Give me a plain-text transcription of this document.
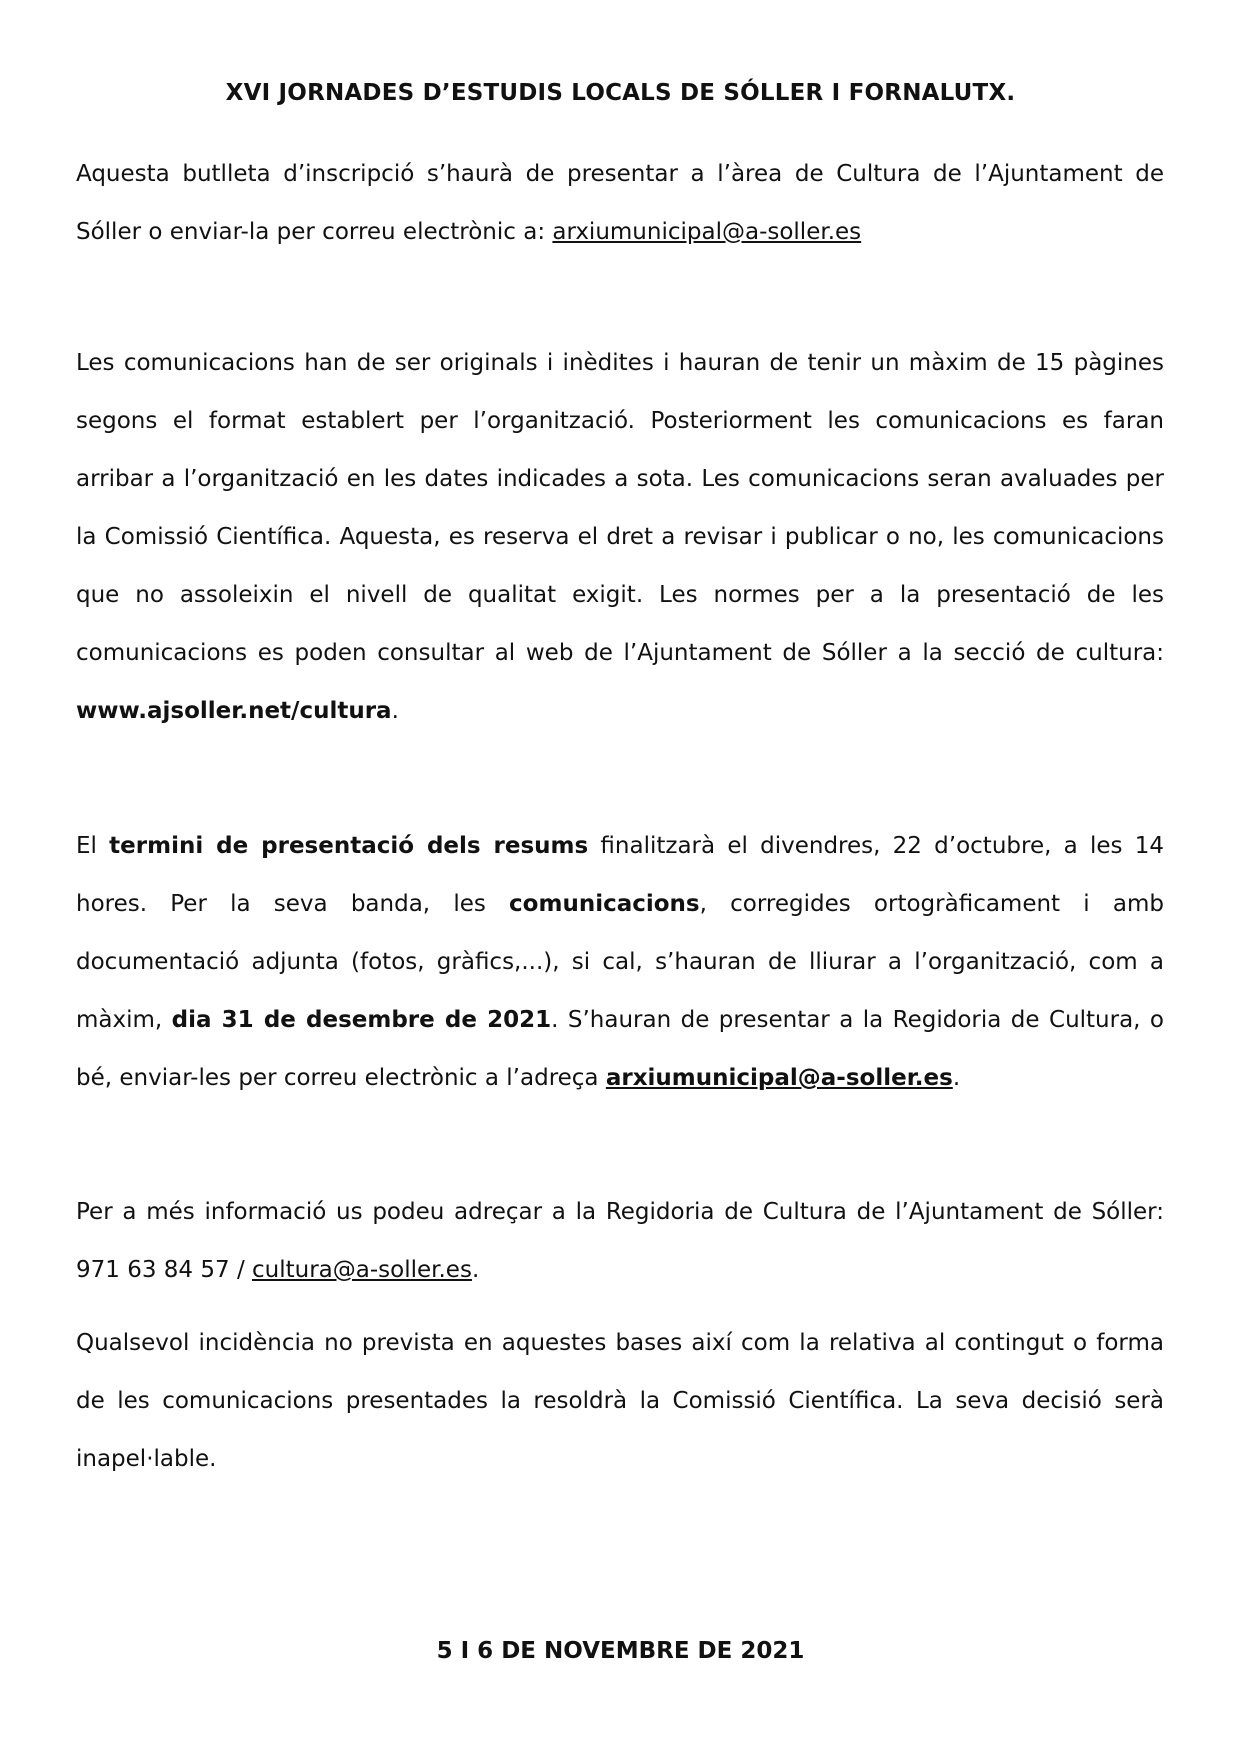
XVI JORNADES D’ESTUDIS LOCALS DE SÓLLER I FORNALUTX.
Aquesta butlleta d’inscripció s’haurà de presentar a l’àrea de Cultura de l’Ajuntament de Sóller o enviar-la per correu electrònic a: arxiumunicipal@a-soller.es
Les comunicacions han de ser originals i inèdites i hauran de tenir un màxim de 15 pàgines segons el format establert per l’organització. Posteriorment les comunicacions es faran arribar a l’organització en les dates indicades a sota. Les comunicacions seran avaluades per la Comissió Científica. Aquesta, es reserva el dret a revisar i publicar o no, les comunicacions que no assoleixin el nivell de qualitat exigit. Les normes per a la presentació de les comunicacions es poden consultar al web de l’Ajuntament de Sóller a la secció de cultura: www.ajsoller.net/cultura.
El termini de presentació dels resums finalitzarà el divendres, 22 d’octubre, a les 14 hores. Per la seva banda, les comunicacions, corregides ortogràficament i amb documentació adjunta (fotos, gràfics,...), si cal, s’hauran de lliurar a l’organització, com a màxim, dia 31 de desembre de 2021. S’hauran de presentar a la Regidoria de Cultura, o bé, enviar-les per correu electrònic a l’adreça arxiumunicipal@a-soller.es.
Per a més informació us podeu adreçar a la Regidoria de Cultura de l’Ajuntament de Sóller: 971 63 84 57 / cultura@a-soller.es.
Qualsevol incidència no prevista en aquestes bases així com la relativa al contingut o forma de les comunicacions presentades la resoldrà la Comissió Científica. La seva decisió serà inapel·lable.
5 I 6 DE NOVEMBRE DE 2021
